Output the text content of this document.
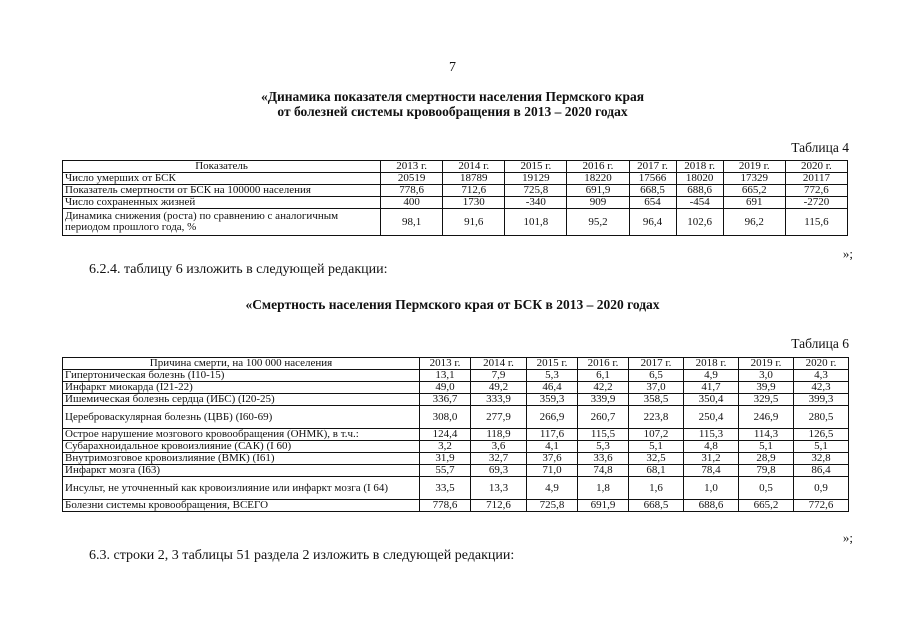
7
«Динамика показателя смертности населения Пермского края
от болезней системы кровообращения в 2013 – 2020 годах
Таблица 4
Показатель	2013 г.	2014 г.	2015 г.	2016 г.	2017 г.	2018 г.	2019 г.	2020 г.
Число умерших от БСК	20519	18789	19129	18220	17566	18020	17329	20117
Показатель смертности от БСК на 100000 населения	778,6	712,6	725,8	691,9	668,5	688,6	665,2	772,6
Число сохраненных жизней	400	1730	-340	909	654	-454	691	-2720
Динамика снижения (роста) по сравнению с аналогичным периодом прошлого года, %	98,1	91,6	101,8	95,2	96,4	102,6	96,2	115,6
»;
6.2.4. таблицу 6 изложить в следующей редакции:
«Смертность населения Пермского края от БСК в 2013 – 2020 годах
Таблица 6
Причина смерти, на 100 000 населения	2013 г.	2014 г.	2015 г.	2016 г.	2017 г.	2018 г.	2019 г.	2020 г.
Гипертоническая болезнь (I10-15)	13,1	7,9	5,3	6,1	6,5	4,9	3,0	4,3
Инфаркт миокарда (I21-22)	49,0	49,2	46,4	42,2	37,0	41,7	39,9	42,3
Ишемическая болезнь сердца (ИБС) (I20-25)	336,7	333,9	359,3	339,9	358,5	350,4	329,5	399,3
Цереброваскулярная болезнь (ЦВБ) (I60-69)	308,0	277,9	266,9	260,7	223,8	250,4	246,9	280,5
Острое нарушение мозгового кровообращения (ОНМК), в т.ч.:	124,4	118,9	117,6	115,5	107,2	115,3	114,3	126,5
Субарахноидальное кровоизлияние (САК) (I 60)	3,2	3,6	4,1	5,3	5,1	4,8	5,1	5,1
Внутримозговое кровоизлияние (ВМК) (I61)	31,9	32,7	37,6	33,6	32,5	31,2	28,9	32,8
Инфаркт мозга (I63)	55,7	69,3	71,0	74,8	68,1	78,4	79,8	86,4
Инсульт, не уточненный как кровоизлияние или инфаркт мозга (I 64)	33,5	13,3	4,9	1,8	1,6	1,0	0,5	0,9
Болезни системы кровообращения, ВСЕГО	778,6	712,6	725,8	691,9	668,5	688,6	665,2	772,6
»;
6.3. строки 2, 3 таблицы 51 раздела 2 изложить в следующей редакции:
